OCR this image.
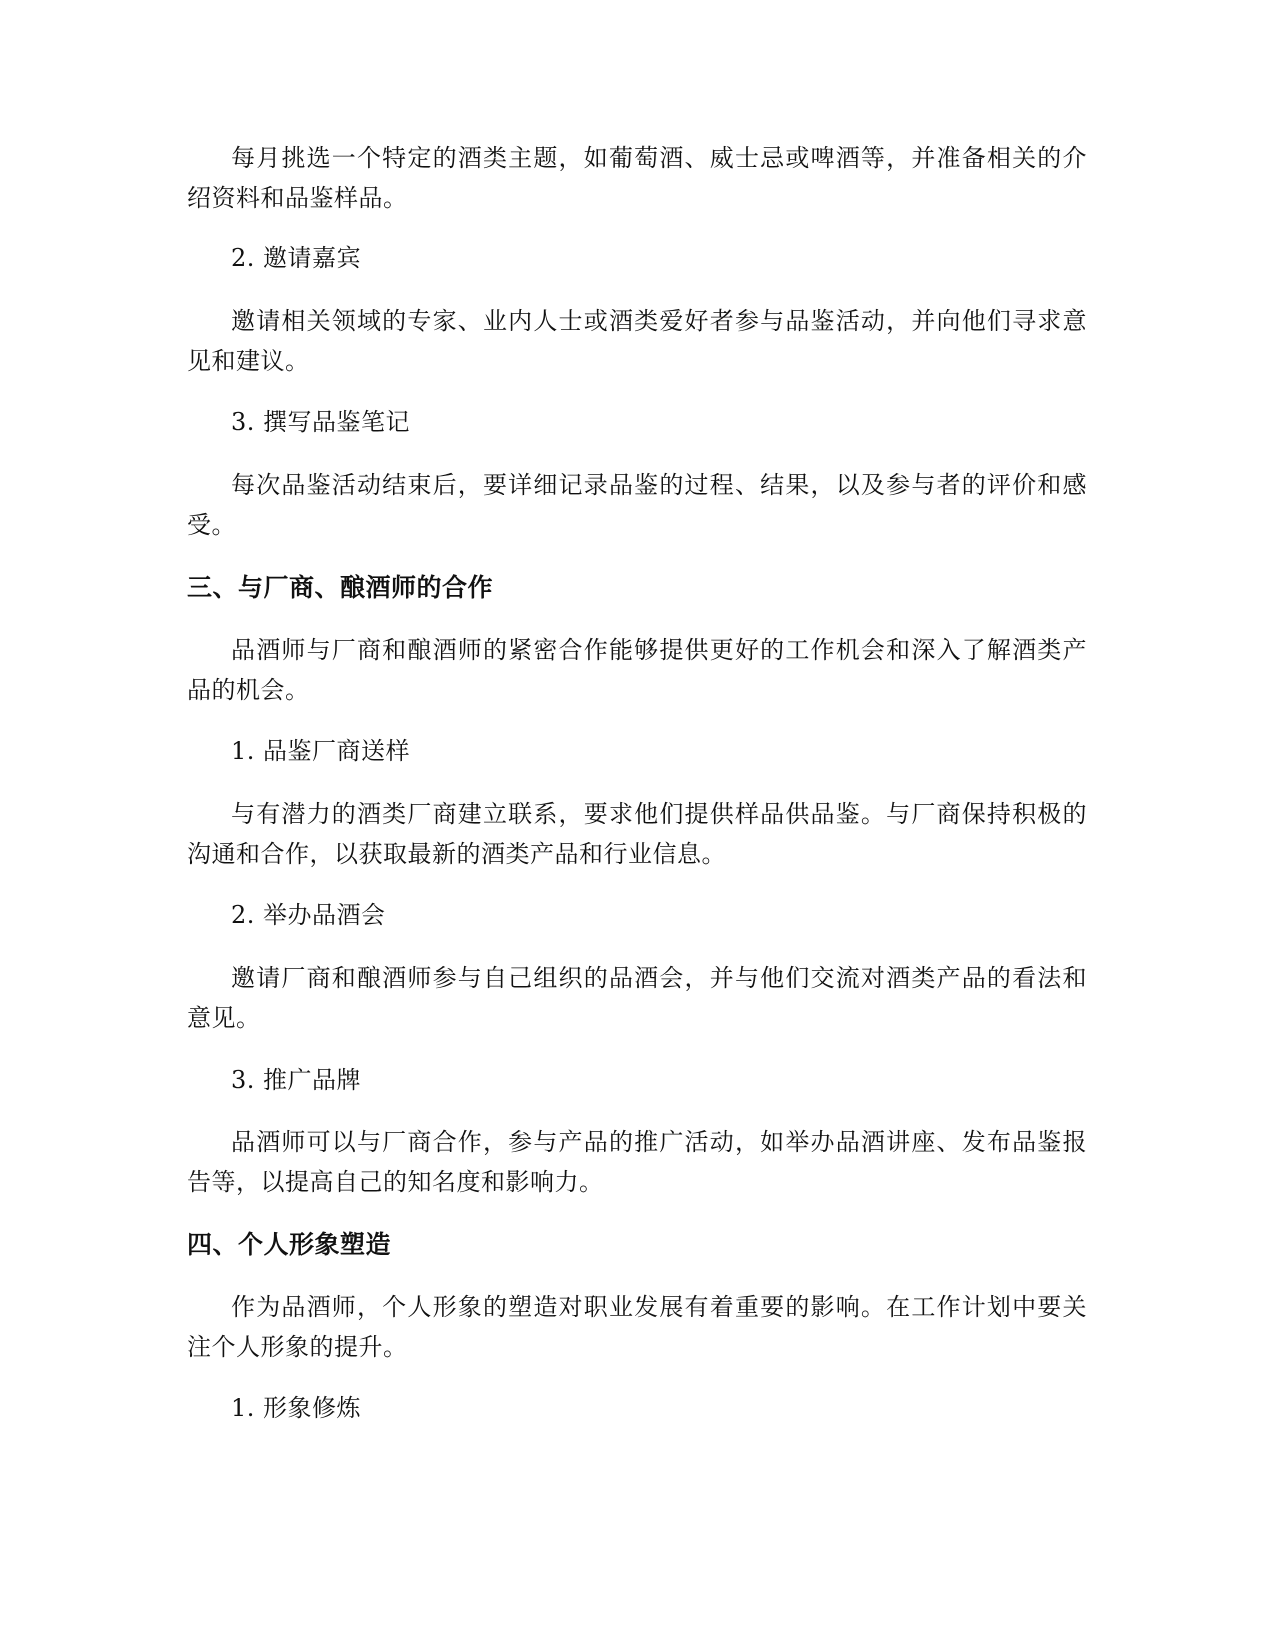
每月挑选一个特定的酒类主题，如葡萄酒、威士忌或啤酒等，并准备相关的介绍资料和品鉴样品。

2. 邀请嘉宾

邀请相关领域的专家、业内人士或酒类爱好者参与品鉴活动，并向他们寻求意见和建议。

3. 撰写品鉴笔记

每次品鉴活动结束后，要详细记录品鉴的过程、结果，以及参与者的评价和感受。

三、与厂商、酿酒师的合作

品酒师与厂商和酿酒师的紧密合作能够提供更好的工作机会和深入了解酒类产品的机会。

1. 品鉴厂商送样

与有潜力的酒类厂商建立联系，要求他们提供样品供品鉴。与厂商保持积极的沟通和合作，以获取最新的酒类产品和行业信息。

2. 举办品酒会

邀请厂商和酿酒师参与自己组织的品酒会，并与他们交流对酒类产品的看法和意见。

3. 推广品牌

品酒师可以与厂商合作，参与产品的推广活动，如举办品酒讲座、发布品鉴报告等，以提高自己的知名度和影响力。

四、个人形象塑造

作为品酒师，个人形象的塑造对职业发展有着重要的影响。在工作计划中要关注个人形象的提升。

1. 形象修炼
